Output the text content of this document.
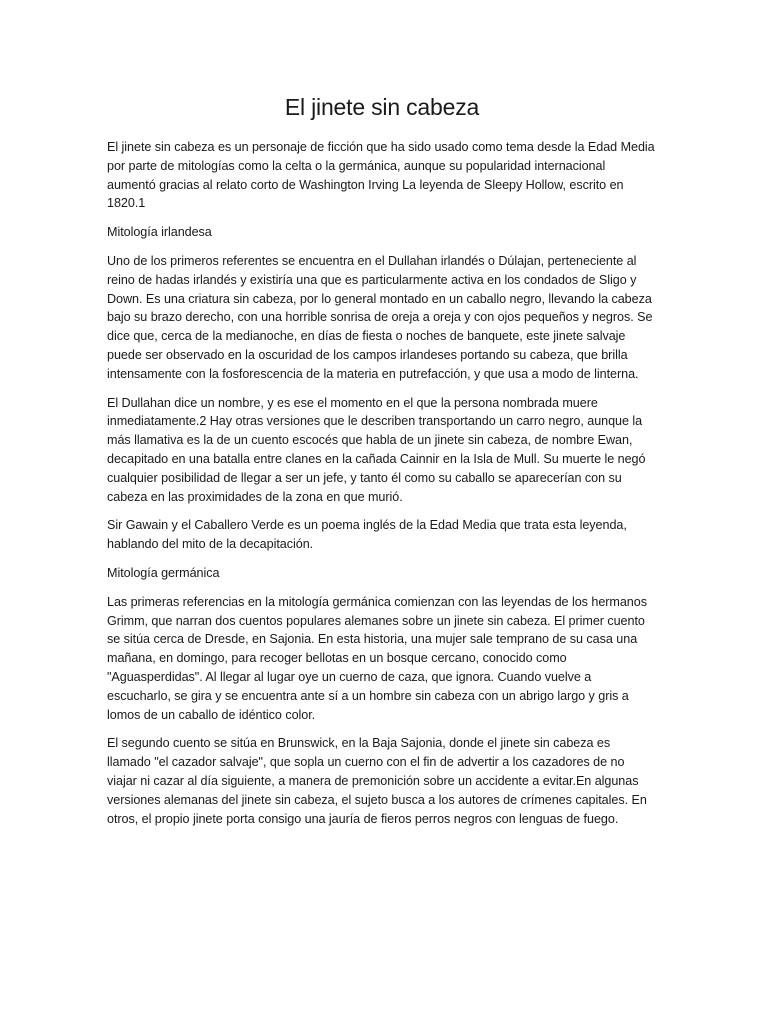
El jinete sin cabeza

El jinete sin cabeza es un personaje de ficción que ha sido usado como tema desde la Edad Media por parte de mitologías como la celta o la germánica, aunque su popularidad internacional aumentó gracias al relato corto de Washington Irving La leyenda de Sleepy Hollow, escrito en 1820.1

Mitología irlandesa

Uno de los primeros referentes se encuentra en el Dullahan irlandés o Dúlajan, perteneciente al reino de hadas irlandés y existiría una que es particularmente activa en los condados de Sligo y Down. Es una criatura sin cabeza, por lo general montado en un caballo negro, llevando la cabeza bajo su brazo derecho, con una horrible sonrisa de oreja a oreja y con ojos pequeños y negros. Se dice que, cerca de la medianoche, en días de fiesta o noches de banquete, este jinete salvaje puede ser observado en la oscuridad de los campos irlandeses portando su cabeza, que brilla intensamente con la fosforescencia de la materia en putrefacción, y que usa a modo de linterna.

El Dullahan dice un nombre, y es ese el momento en el que la persona nombrada muere inmediatamente.2 Hay otras versiones que le describen transportando un carro negro, aunque la más llamativa es la de un cuento escocés que habla de un jinete sin cabeza, de nombre Ewan, decapitado en una batalla entre clanes en la cañada Cainnir en la Isla de Mull. Su muerte le negó cualquier posibilidad de llegar a ser un jefe, y tanto él como su caballo se aparecerían con su cabeza en las proximidades de la zona en que murió.

Sir Gawain y el Caballero Verde es un poema inglés de la Edad Media que trata esta leyenda, hablando del mito de la decapitación.

Mitología germánica

Las primeras referencias en la mitología germánica comienzan con las leyendas de los hermanos Grimm, que narran dos cuentos populares alemanes sobre un jinete sin cabeza. El primer cuento se sitúa cerca de Dresde, en Sajonia. En esta historia, una mujer sale temprano de su casa una mañana, en domingo, para recoger bellotas en un bosque cercano, conocido como "Aguasperdidas". Al llegar al lugar oye un cuerno de caza, que ignora. Cuando vuelve a escucharlo, se gira y se encuentra ante sí a un hombre sin cabeza con un abrigo largo y gris a lomos de un caballo de idéntico color.

El segundo cuento se sitúa en Brunswick, en la Baja Sajonia, donde el jinete sin cabeza es llamado "el cazador salvaje", que sopla un cuerno con el fin de advertir a los cazadores de no viajar ni cazar al día siguiente, a manera de premonición sobre un accidente a evitar.En algunas versiones alemanas del jinete sin cabeza, el sujeto busca a los autores de crímenes capitales. En otros, el propio jinete porta consigo una jauría de fieros perros negros con lenguas de fuego.
